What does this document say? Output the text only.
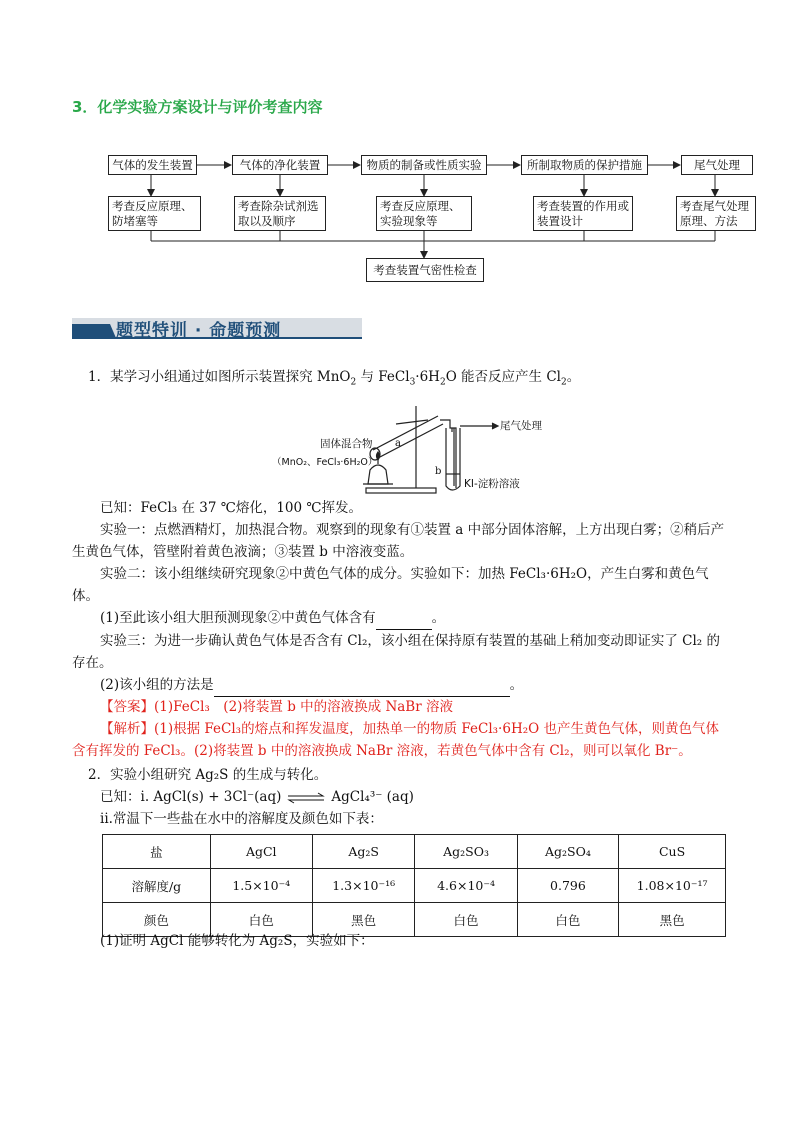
3．化学实验方案设计与评价考查内容
气体的发生装置	气体的净化装置	物质的制备或性质实验	所制取物质的保护措施	尾气处理
考查反应原理、防堵塞等
考查除杂试剂选取以及顺序
考查反应原理、实验现象等
考查装置的作用或装置设计
考查尾气处理原理、方法
考查装置气密性检查
题型特训 · 命题预测
1．某学习小组通过如图所示装置探究 MnO$_2$ 与 $FeCl_3\cdot 6H_2O$ 能否反应产生 $Cl_2$。
固体混合物
（MnO₂、FeCl₃·6H₂O）
a
b
尾气处理
KI-淀粉溶液
已知：FeCl₃ 在 37 ℃熔化，100 ℃挥发。
实验一：点燃酒精灯，加热混合物。观察到的现象有①装置 a 中部分固体溶解，上方出现白雾；②稍后产生黄色气体，管壁附着黄色液滴；③装置 b 中溶液变蓝。
实验二：该小组继续研究现象②中黄色气体的成分。实验如下：加热 FeCl₃·6H₂O，产生白雾和黄色气体。
(1)至此该小组大胆预测现象②中黄色气体含有	。
实验三：为进一步确认黄色气体是否含有 Cl₂，该小组在保持原有装置的基础上稍加变动即证实了 Cl₂ 的存在。
(2)该小组的方法是	。
【答案】(1)FeCl₃　(2)将装置 b 中的溶液换成 NaBr 溶液
【解析】(1)根据 FeCl₃的熔点和挥发温度，加热单一的物质 FeCl₃·6H₂O 也产生黄色气体，则黄色气体含有挥发的 FeCl₃。(2)将装置 b 中的溶液换成 NaBr 溶液，若黄色气体中含有 Cl₂，则可以氧化 Br⁻。
2．实验小组研究 Ag₂S 的生成与转化。
已知：i. AgCl(s) + 3Cl⁻(aq) ⇌ AgCl₄³⁻ (aq)
ii.常温下一些盐在水中的溶解度及颜色如下表：
盐	AgCl	Ag₂S	Ag₂SO₃	Ag₂SO₄	CuS
溶解度/g	1.5×10⁻⁴	1.3×10⁻¹⁶	4.6×10⁻⁴	0.796	1.08×10⁻¹⁷
颜色	白色	黑色	白色	白色	黑色
(1)证明 AgCl 能够转化为 Ag₂S，实验如下：
